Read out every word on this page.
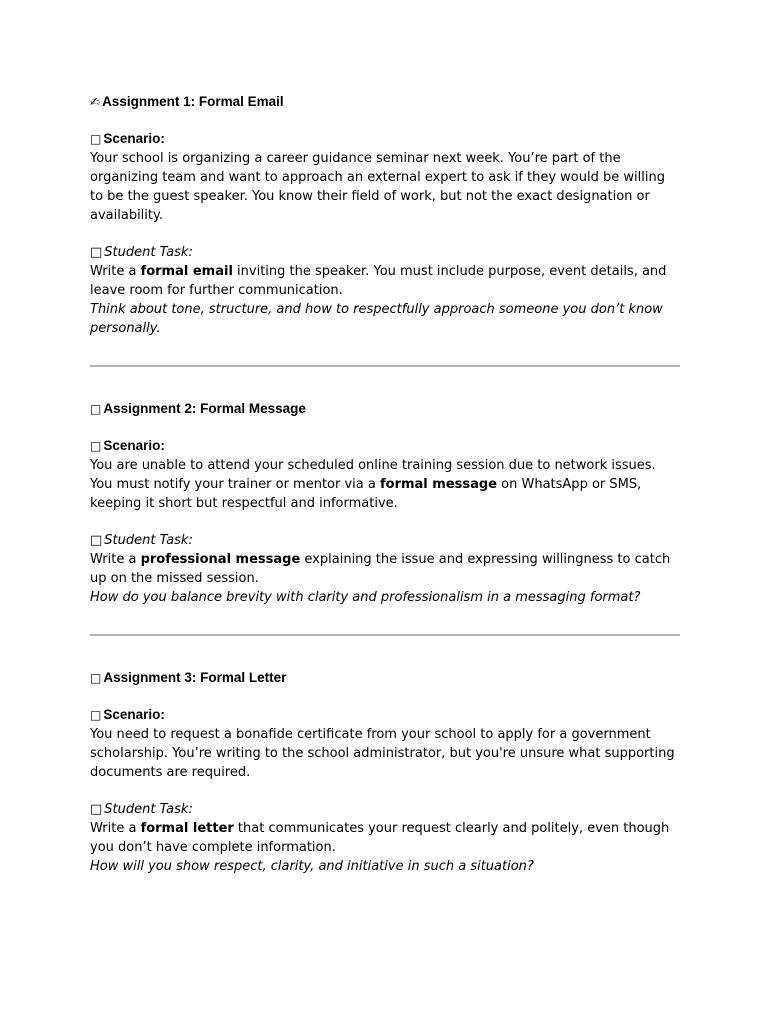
✍ Assignment 1: Formal Email

□ Scenario:

Your school is organizing a career guidance seminar next week. You’re part of the organizing team and want to approach an external expert to ask if they would be willing to be the guest speaker. You know their field of work, but not the exact designation or availability.

□ Student Task:

Write a formal email inviting the speaker. You must include purpose, event details, and leave room for further communication.

Think about tone, structure, and how to respectfully approach someone you don’t know personally.

□ Assignment 2: Formal Message

□ Scenario:

You are unable to attend your scheduled online training session due to network issues. You must notify your trainer or mentor via a formal message on WhatsApp or SMS, keeping it short but respectful and informative.

□ Student Task:

Write a professional message explaining the issue and expressing willingness to catch up on the missed session.

How do you balance brevity with clarity and professionalism in a messaging format?

□ Assignment 3: Formal Letter

□ Scenario:

You need to request a bonafide certificate from your school to apply for a government scholarship. You’re writing to the school administrator, but you're unsure what supporting documents are required.

□ Student Task:

Write a formal letter that communicates your request clearly and politely, even though you don’t have complete information.

How will you show respect, clarity, and initiative in such a situation?
